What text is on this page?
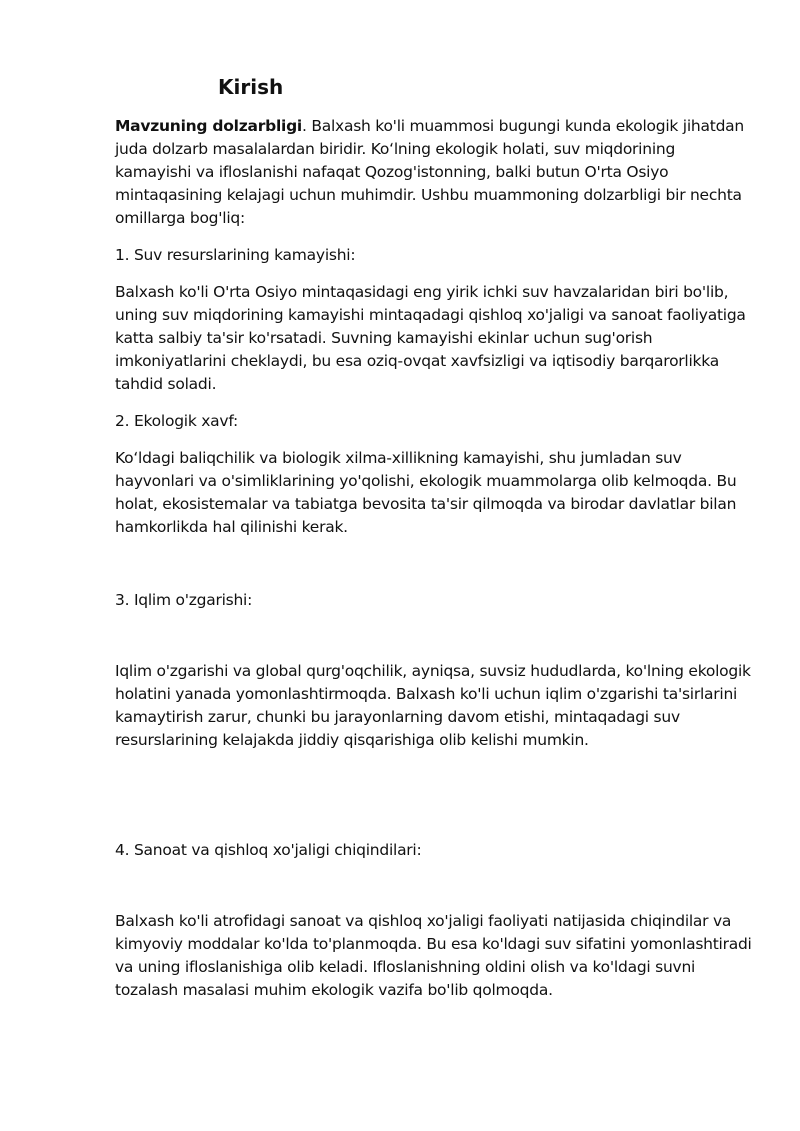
Kirish

Mavzuning dolzarbligi. Balxash ko'li muammosi bugungi kunda ekologik jihatdan juda dolzarb masalalardan biridir. Koʻlning ekologik holati, suv miqdorining kamayishi va ifloslanishi nafaqat Qozog'istonning, balki butun O'rta Osiyo mintaqasining kelajagi uchun muhimdir. Ushbu muammoning dolzarbligi bir nechta omillarga bog'liq:

1. Suv resurslarining kamayishi:

Balxash ko'li O'rta Osiyo mintaqasidagi eng yirik ichki suv havzalaridan biri bo'lib, uning suv miqdorining kamayishi mintaqadagi qishloq xo'jaligi va sanoat faoliyatiga katta salbiy ta'sir ko'rsatadi. Suvning kamayishi ekinlar uchun sug'orish imkoniyatlarini cheklaydi, bu esa oziq-ovqat xavfsizligi va iqtisodiy barqarorlikka tahdid soladi.

2. Ekologik xavf:

Koʻldagi baliqchilik va biologik xilma-xillikning kamayishi, shu jumladan suv hayvonlari va o'simliklarining yo'qolishi, ekologik muammolarga olib kelmoqda. Bu holat, ekosistemalar va tabiatga bevosita ta'sir qilmoqda va birodar davlatlar bilan hamkorlikda hal qilinishi kerak.

3. Iqlim o'zgarishi:

Iqlim o'zgarishi va global qurg'oqchilik, ayniqsa, suvsiz hududlarda, ko'lning ekologik holatini yanada yomonlashtirmoqda. Balxash ko'li uchun iqlim o'zgarishi ta'sirlarini kamaytirish zarur, chunki bu jarayonlarning davom etishi, mintaqadagi suv resurslarining kelajakda jiddiy qisqarishiga olib kelishi mumkin.

4. Sanoat va qishloq xo'jaligi chiqindilari:

Balxash ko'li atrofidagi sanoat va qishloq xo'jaligi faoliyati natijasida chiqindilar va kimyoviy moddalar ko'lda to'planmoqda. Bu esa ko'ldagi suv sifatini yomonlashtiradi va uning ifloslanishiga olib keladi. Ifloslanishning oldini olish va ko'ldagi suvni tozalash masalasi muhim ekologik vazifa bo'lib qolmoqda.
